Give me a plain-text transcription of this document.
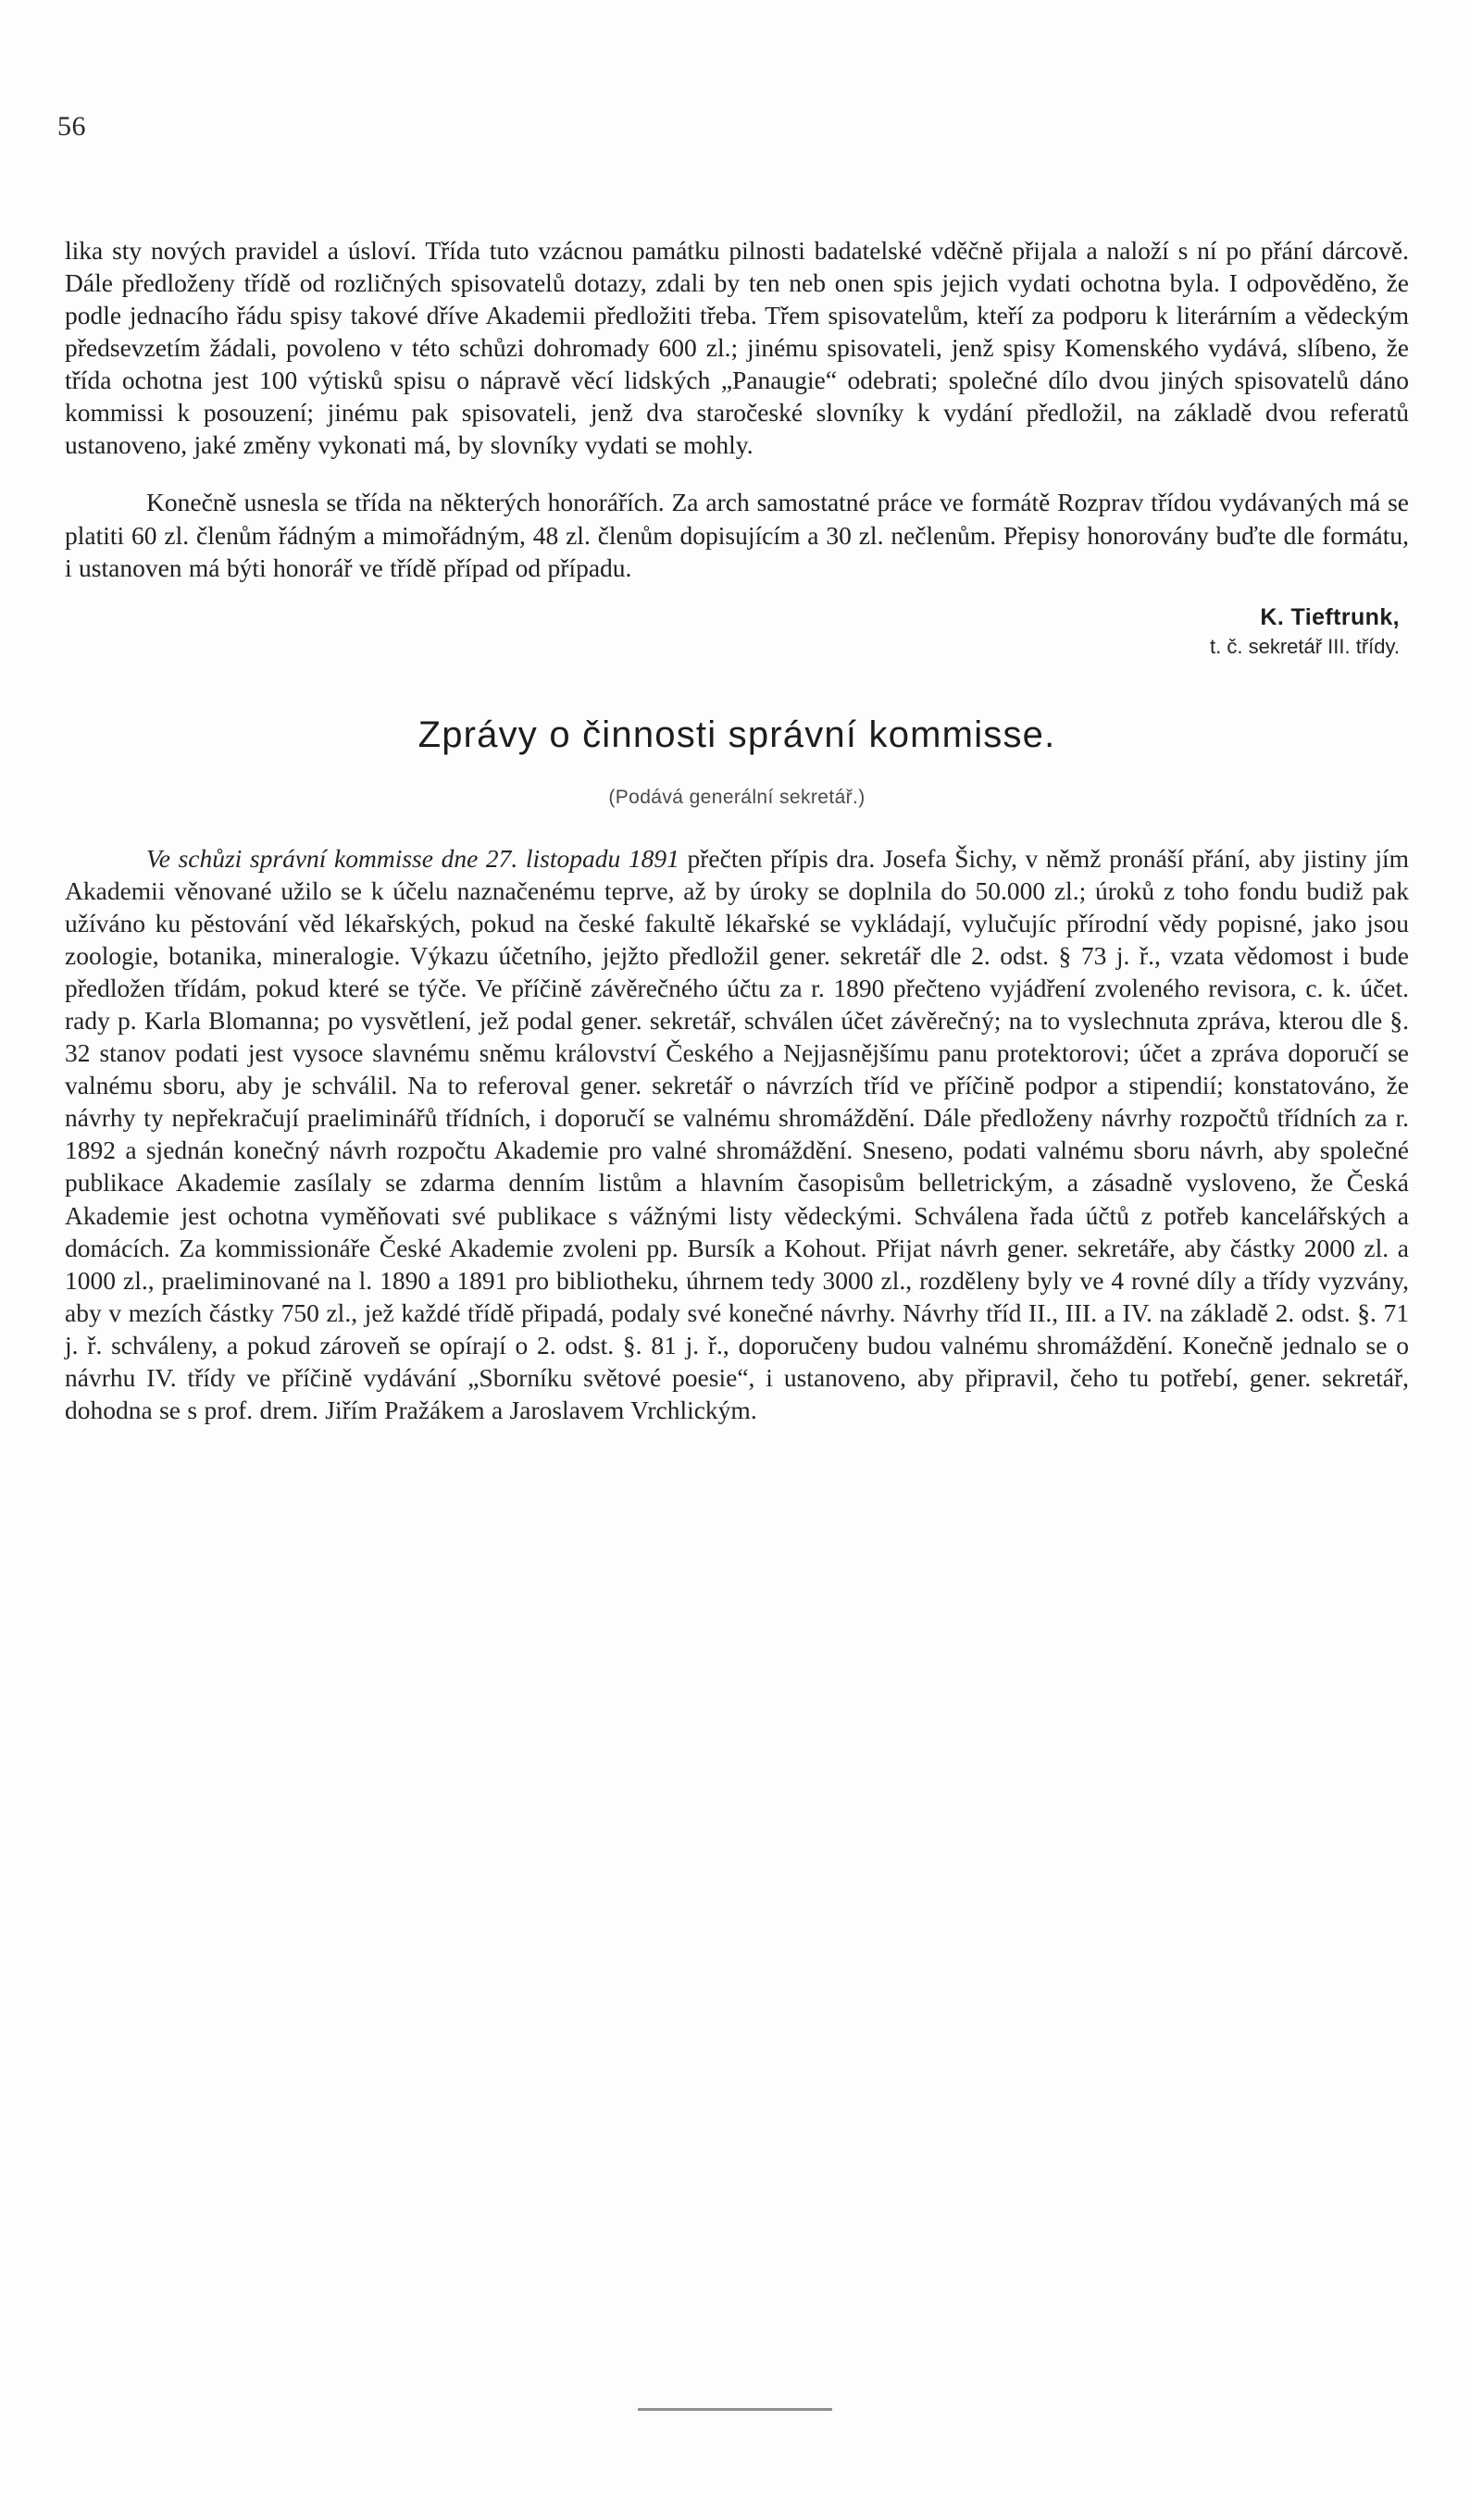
56

lika sty nových pravidel a úsloví. Třída tuto vzácnou památku pilnosti badatelské vděčně přijala a naloží s ní po přání dárcově. Dále předloženy třídě od rozličných spisovatelů dotazy, zdali by ten neb onen spis jejich vydati ochotna byla. I odpověděno, že podle jednacího řádu spisy takové dříve Akademii předložiti třeba. Třem spisovatelům, kteří za podporu k literárním a vědeckým předsevzetím žádali, povoleno v této schůzi dohromady 600 zl.; jinému spisovateli, jenž spisy Komenského vydává, slíbeno, že třída ochotna jest 100 výtisků spisu o nápravě věcí lidských „Panaugie“ odebrati; společné dílo dvou jiných spisovatelů dáno kommissi k posouzení; jinému pak spisovateli, jenž dva staročeské slovníky k vydání předložil, na základě dvou referatů ustanoveno, jaké změny vykonati má, by slovníky vydati se mohly.

Konečně usnesla se třída na některých honorářích. Za arch samostatné práce ve formátě Rozprav třídou vydávaných má se platiti 60 zl. členům řádným a mimořádným, 48 zl. členům dopisujícím a 30 zl. nečlenům. Přepisy honorovány buďte dle formátu, i ustanoven má býti honorář ve třídě případ od případu.

K. Tieftrunk,
t. č. sekretář III. třídy.
Zprávy o činnosti správní kommisse.
(Podává generální sekretář.)

Ve schůzi správní kommisse dne 27. listopadu 1891 přečten přípis dra. Josefa Šichy, v němž pronáší přání, aby jistiny jím Akademii věnované užilo se k účelu naznačenému teprve, až by úroky se doplnila do 50.000 zl.; úroků z toho fondu budiž pak užíváno ku pěstování věd lékařských, pokud na české fakultě lékařské se vykládají, vylučujíc přírodní vědy popisné, jako jsou zoologie, botanika, mineralogie. Výkazu účetního, jejžto předložil gener. sekretář dle 2. odst. § 73 j. ř., vzata vědomost i bude předložen třídám, pokud které se týče. Ve příčině závěrečného účtu za r. 1890 přečteno vyjádření zvoleného revisora, c. k. účet. rady p. Karla Blomanna; po vysvětlení, jež podal gener. sekretář, schválen účet závěrečný; na to vyslechnuta zpráva, kterou dle §. 32 stanov podati jest vysoce slavnému sněmu království Českého a Nejjasnějšímu panu protektorovi; účet a zpráva doporučí se valnému sboru, aby je schválil. Na to referoval gener. sekretář o návrzích tříd ve příčině podpor a stipendií; konstatováno, že návrhy ty nepřekračují praeliminářů třídních, i doporučí se valnému shromáždění. Dále předloženy návrhy rozpočtů třídních za r. 1892 a sjednán konečný návrh rozpočtu Akademie pro valné shromáždění. Sneseno, podati valnému sboru návrh, aby společné publikace Akademie zasílaly se zdarma denním listům a hlavním časopisům belletrickým, a zásadně vysloveno, že Česká Akademie jest ochotna vyměňovati své publikace s vážnými listy vědeckými. Schválena řada účtů z potřeb kancelářských a domácích. Za kommissionáře České Akademie zvoleni pp. Bursík a Kohout. Přijat návrh gener. sekretáře, aby částky 2000 zl. a 1000 zl., praeliminované na l. 1890 a 1891 pro bibliotheku, úhrnem tedy 3000 zl., rozděleny byly ve 4 rovné díly a třídy vyzvány, aby v mezích částky 750 zl., jež každé třídě připadá, podaly své konečné návrhy. Návrhy tříd II., III. a IV. na základě 2. odst. §. 71 j. ř. schváleny, a pokud zároveň se opírají o 2. odst. §. 81 j. ř., doporučeny budou valnému shromáždění. Konečně jednalo se o návrhu IV. třídy ve příčině vydávání „Sborníku světové poesie“, i ustanoveno, aby připravil, čeho tu potřebí, gener. sekretář, dohodna se s prof. drem. Jiřím Pražákem a Jaroslavem Vrchlickým.
